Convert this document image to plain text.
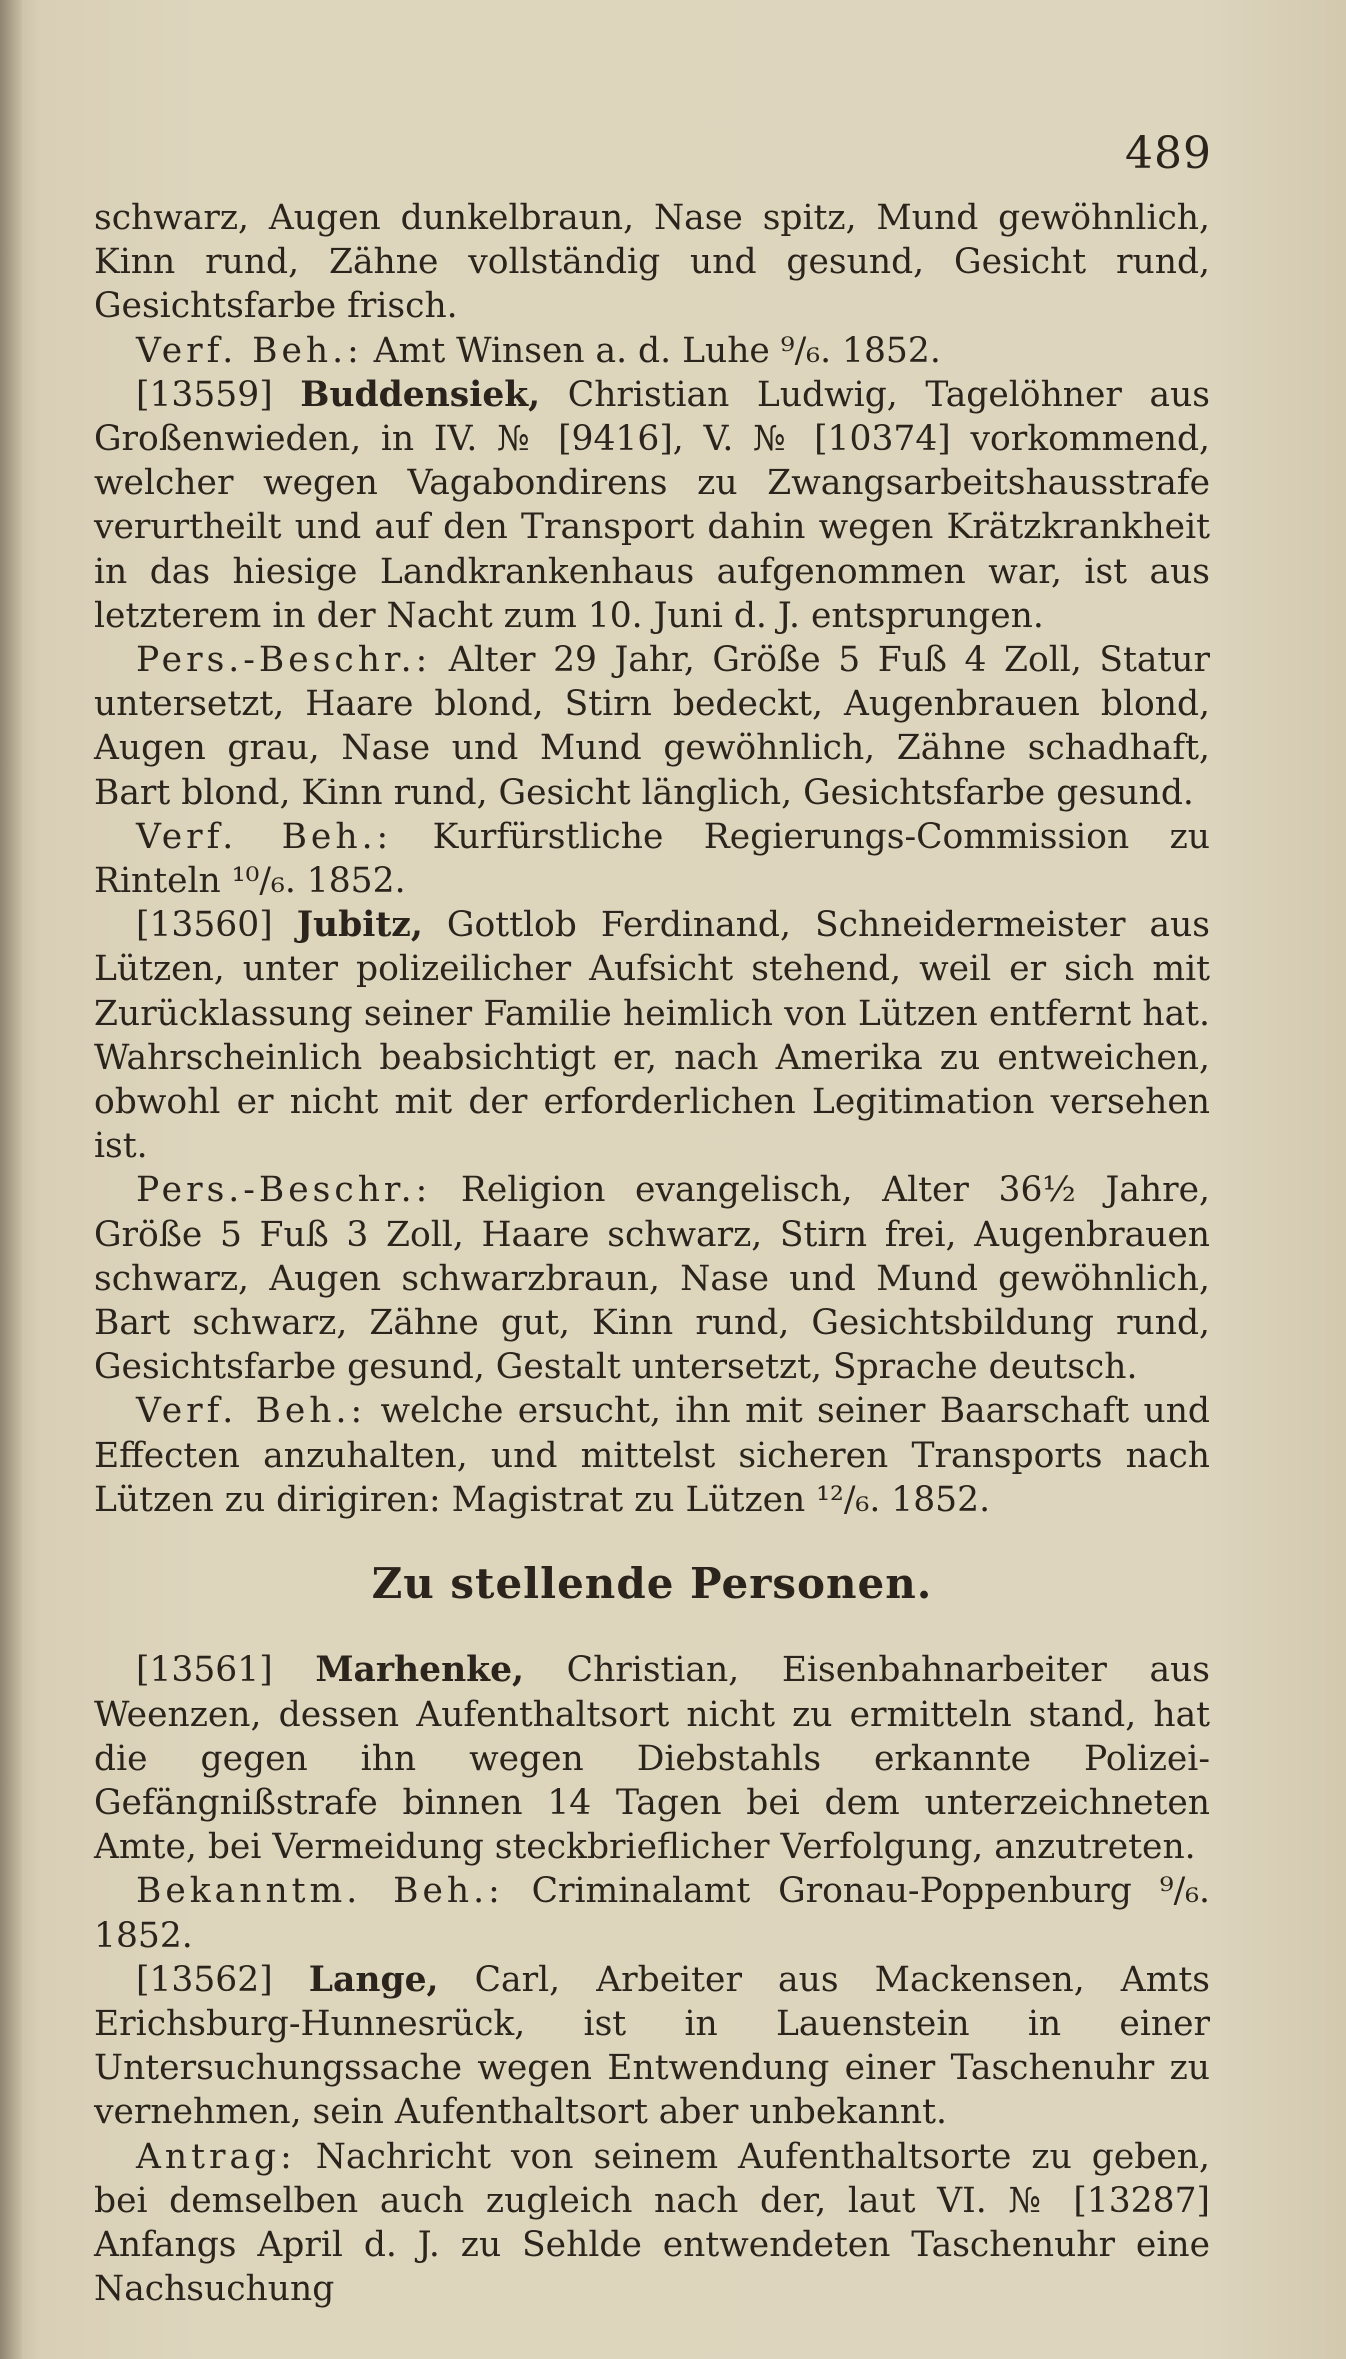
489

schwarz, Augen dunkelbraun, Nase spitz, Mund gewöhnlich, Kinn rund, Zähne vollständig und gesund, Gesicht rund, Gesichtsfarbe frisch.

Verf. Beh.: Amt Winsen a. d. Luhe ⁹/₆. 1852.

[13559] Buddensiek, Christian Ludwig, Tagelöhner aus Großenwieden, in IV. № [9416], V. № [10374] vorkommend, welcher wegen Vagabondirens zu Zwangsarbeitshausstrafe verurtheilt und auf den Transport dahin wegen Krätzkrankheit in das hiesige Landkrankenhaus aufgenommen war, ist aus letzterem in der Nacht zum 10. Juni d. J. entsprungen.

Pers.-Beschr.: Alter 29 Jahr, Größe 5 Fuß 4 Zoll, Statur untersetzt, Haare blond, Stirn bedeckt, Augenbrauen blond, Augen grau, Nase und Mund gewöhnlich, Zähne schadhaft, Bart blond, Kinn rund, Gesicht länglich, Gesichtsfarbe gesund.

Verf. Beh.: Kurfürstliche Regierungs-Commission zu Rinteln ¹⁰/₆. 1852.

[13560] Jubitz, Gottlob Ferdinand, Schneidermeister aus Lützen, unter polizeilicher Aufsicht stehend, weil er sich mit Zurücklassung seiner Familie heimlich von Lützen entfernt hat. Wahrscheinlich beabsichtigt er, nach Amerika zu entweichen, obwohl er nicht mit der erforderlichen Legitimation versehen ist.

Pers.-Beschr.: Religion evangelisch, Alter 36½ Jahre, Größe 5 Fuß 3 Zoll, Haare schwarz, Stirn frei, Augenbrauen schwarz, Augen schwarzbraun, Nase und Mund gewöhnlich, Bart schwarz, Zähne gut, Kinn rund, Gesichtsbildung rund, Gesichtsfarbe gesund, Gestalt untersetzt, Sprache deutsch.

Verf. Beh.: welche ersucht, ihn mit seiner Baarschaft und Effecten anzuhalten, und mittelst sicheren Transports nach Lützen zu dirigiren: Magistrat zu Lützen ¹²/₆. 1852.

Zu stellende Personen.

[13561] Marhenke, Christian, Eisenbahnarbeiter aus Weenzen, dessen Aufenthaltsort nicht zu ermitteln stand, hat die gegen ihn wegen Diebstahls erkannte Polizei-Gefängnißstrafe binnen 14 Tagen bei dem unterzeichneten Amte, bei Vermeidung steckbrieflicher Verfolgung, anzutreten.

Bekanntm. Beh.: Criminalamt Gronau-Poppenburg ⁹/₆. 1852.

[13562] Lange, Carl, Arbeiter aus Mackensen, Amts Erichsburg-Hunnesrück, ist in Lauenstein in einer Untersuchungssache wegen Entwendung einer Taschenuhr zu vernehmen, sein Aufenthaltsort aber unbekannt.

Antrag: Nachricht von seinem Aufenthaltsorte zu geben, bei demselben auch zugleich nach der, laut VI. № [13287] Anfangs April d. J. zu Sehlde entwendeten Taschenuhr eine Nachsuchung
